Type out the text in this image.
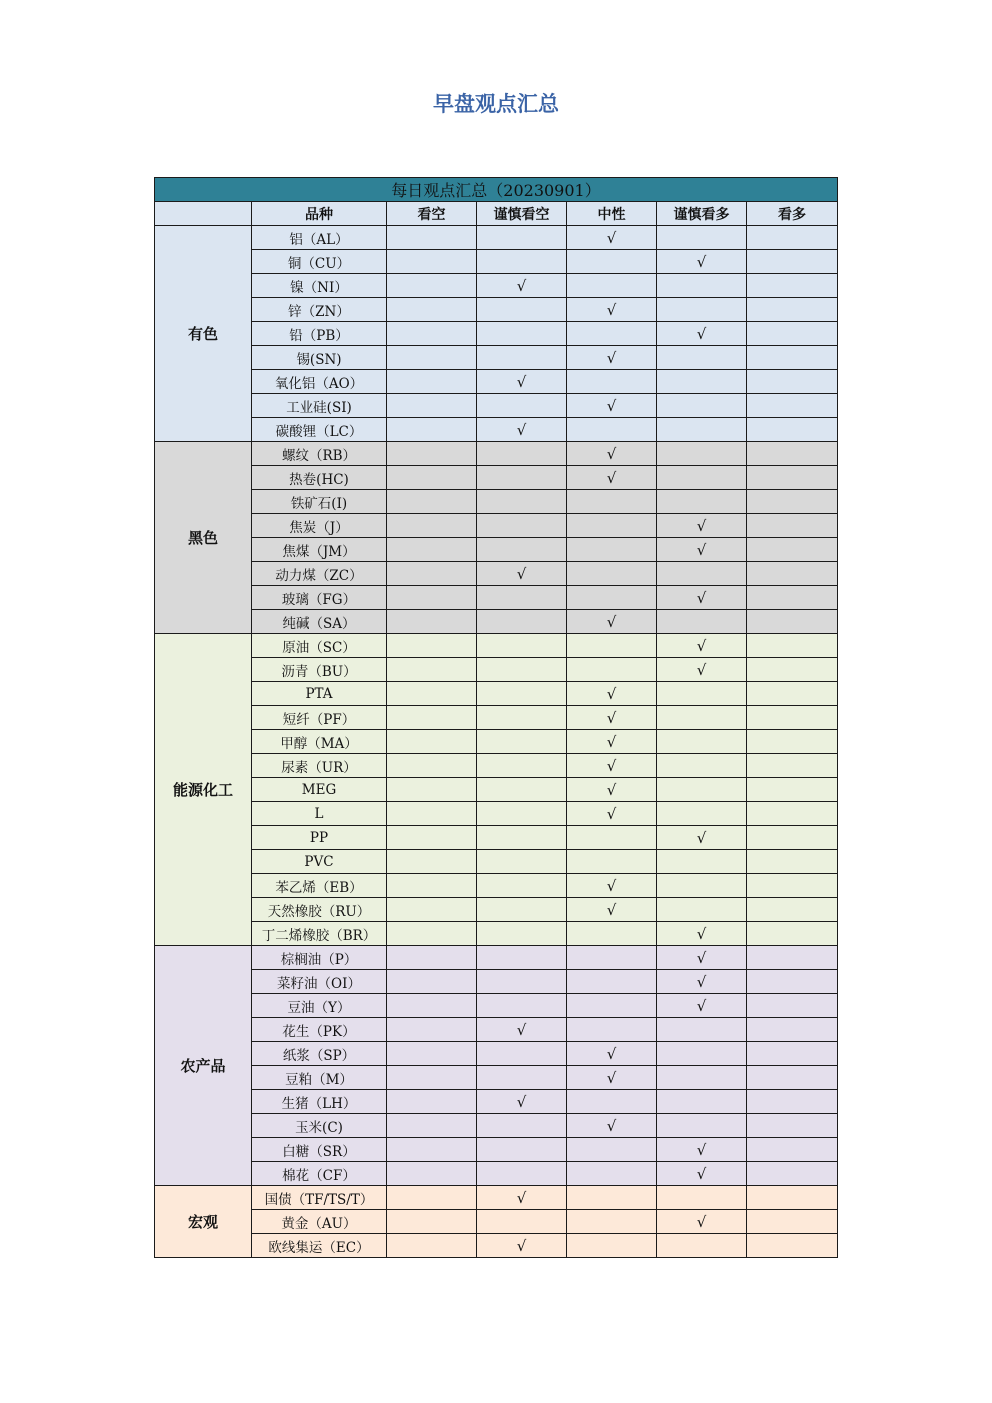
早盘观点汇总
每日观点汇总（20230901）						
	品种	看空	谨慎看空	中性	谨慎看多	看多
有色	铝（AL）			√		
	铜（CU）				√	
	镍（NI）		√			
	锌（ZN）			√		
	铅（PB）				√	
	锡(SN)			√		
	氧化铝（AO）		√			
	工业硅(SI)			√		
	碳酸锂（LC）		√			
黑色	螺纹（RB）			√		
	热卷(HC)			√		
	铁矿石(I)					
	焦炭（J）				√	
	焦煤（JM）				√	
	动力煤（ZC）		√			
	玻璃（FG）				√	
	纯碱（SA）			√		
能源化工	原油（SC）				√	
	沥青（BU）				√	
	PTA			√		
	短纤（PF）			√		
	甲醇（MA）			√		
	尿素（UR）			√		
	MEG			√		
	L			√		
	PP				√	
	PVC					
	苯乙烯（EB）			√		
	天然橡胶（RU）			√		
	丁二烯橡胶（BR）				√	
农产品	棕榈油（P）				√	
	菜籽油（OI）				√	
	豆油（Y）				√	
	花生（PK）		√			
	纸浆（SP）			√		
	豆粕（M）			√		
	生猪（LH）		√			
	玉米(C)			√		
	白糖（SR）				√	
	棉花（CF）				√	
宏观	国债（TF/TS/T）		√			
	黄金（AU）				√	
	欧线集运（EC）		√			
